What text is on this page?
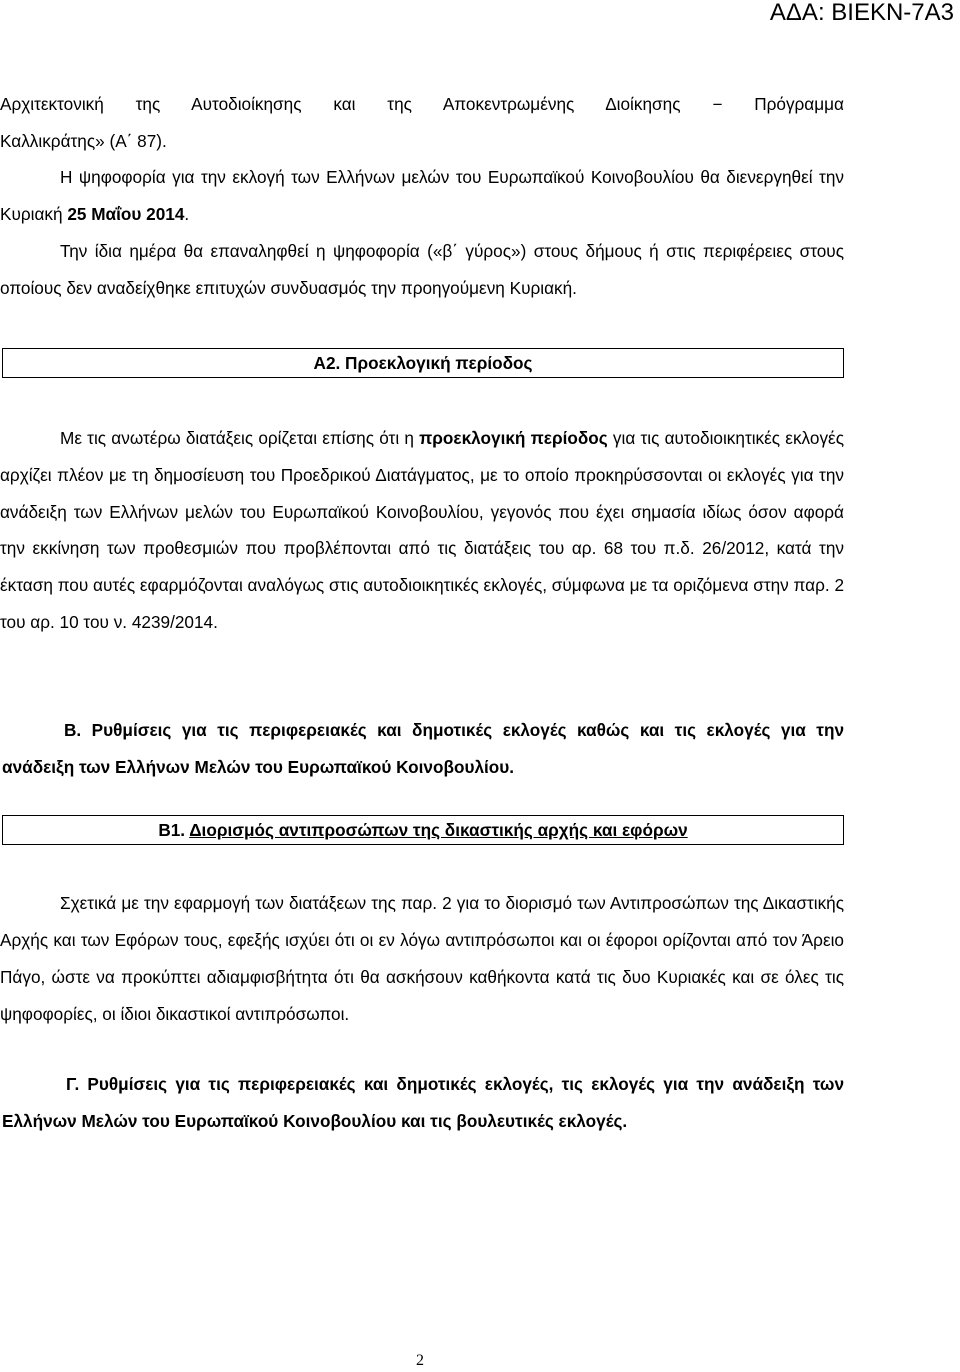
ΑΔΑ: ΒΙΕΚΝ-7Α3

Αρχιτεκτονική της Αυτοδιοίκησης και της Αποκεντρωμένης Διοίκησης − Πρόγραμμα
Καλλικράτης» (Α΄ 87).

Η ψηφοφορία για την εκλογή των Ελλήνων μελών του Ευρωπαϊκού Κοινοβουλίου θα διενεργηθεί την Κυριακή 25 Μαΐου 2014.

Την ίδια ημέρα θα επαναληφθεί η ψηφοφορία («β΄ γύρος») στους δήμους ή στις περιφέρειες στους οποίους δεν αναδείχθηκε επιτυχών συνδυασμός την προηγούμενη Κυριακή.

Α2. Προεκλογική περίοδος

Με τις ανωτέρω διατάξεις ορίζεται επίσης ότι η προεκλογική περίοδος για τις αυτοδιοικητικές εκλογές αρχίζει πλέον με τη δημοσίευση του Προεδρικού Διατάγματος, με το οποίο προκηρύσσονται οι εκλογές για την ανάδειξη των Ελλήνων μελών του Ευρωπαϊκού Κοινοβουλίου, γεγονός που έχει σημασία ιδίως όσον αφορά την εκκίνηση των προθεσμιών που προβλέπονται από τις διατάξεις του αρ. 68 του π.δ. 26/2012, κατά την έκταση που αυτές εφαρμόζονται αναλόγως στις αυτοδιοικητικές εκλογές, σύμφωνα με τα οριζόμενα στην παρ. 2 του αρ. 10 του ν. 4239/2014.

Β. Ρυθμίσεις για τις περιφερειακές και δημοτικές εκλογές καθώς και τις εκλογές για την ανάδειξη των Ελλήνων Μελών του Ευρωπαϊκού Κοινοβουλίου.

Β1. Διορισμός αντιπροσώπων της δικαστικής αρχής και εφόρων

Σχετικά με την εφαρμογή των διατάξεων της παρ. 2 για το διορισμό των Αντιπροσώπων της Δικαστικής Αρχής και των Εφόρων τους, εφεξής ισχύει ότι οι εν λόγω αντιπρόσωποι και οι έφοροι ορίζονται από τον Άρειο Πάγο, ώστε να προκύπτει αδιαμφισβήτητα ότι θα ασκήσουν καθήκοντα κατά τις δυο Κυριακές και σε όλες τις ψηφοφορίες, οι ίδιοι δικαστικοί αντιπρόσωποι.

Γ. Ρυθμίσεις για τις περιφερειακές και δημοτικές εκλογές, τις εκλογές για την ανάδειξη των Ελλήνων Μελών του Ευρωπαϊκού Κοινοβουλίου και τις βουλευτικές εκλογές.

2
